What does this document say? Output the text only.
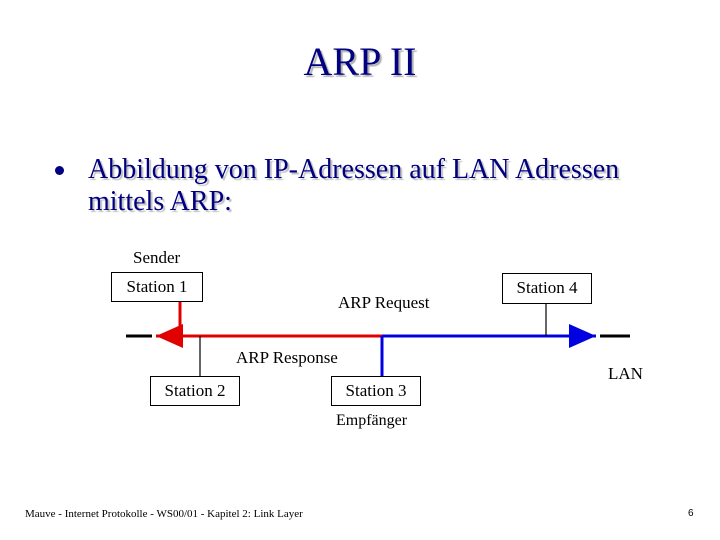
ARP II
Abbildung von IP-Adressen auf LAN Adressen mittels ARP:
Sender
Station 1	Station 4
ARP Request
ARP Response
Station 2	Station 3
LAN
Empfänger
Mauve - Internet Protokolle - WS00/01 - Kapitel 2: Link Layer	6
